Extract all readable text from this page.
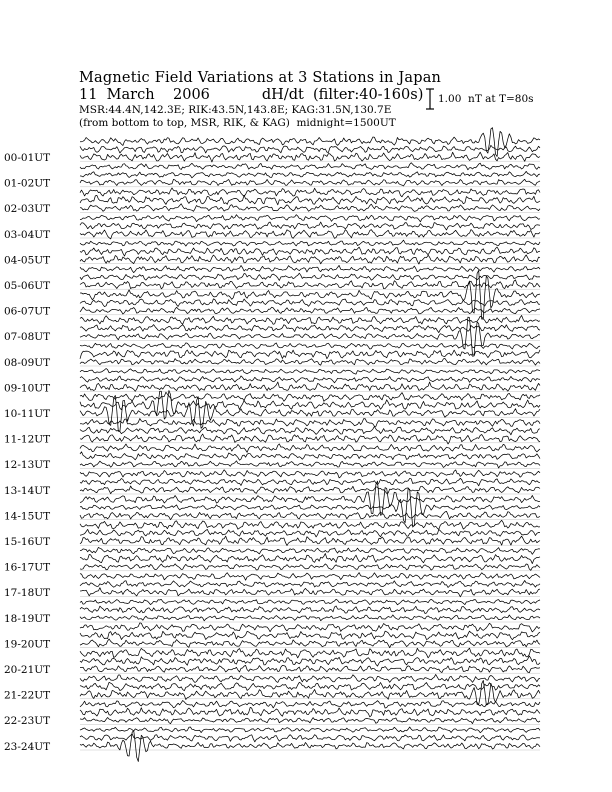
Magnetic Field Variations at 3 Stations in Japan
11  March    2006	dH/dt  (filter:40-160s)
MSR:44.4N,142.3E; RIK:43.5N,143.8E; KAG:31.5N,130.7E
(from bottom to top, MSR, RIK, & KAG)  midnight=1500UT
1.00  nT at T=80s
00-01UT
01-02UT
02-03UT
03-04UT
04-05UT
05-06UT
06-07UT
07-08UT
08-09UT
09-10UT
10-11UT
11-12UT
12-13UT
13-14UT
14-15UT
15-16UT
16-17UT
17-18UT
18-19UT
19-20UT
20-21UT
21-22UT
22-23UT
23-24UT
